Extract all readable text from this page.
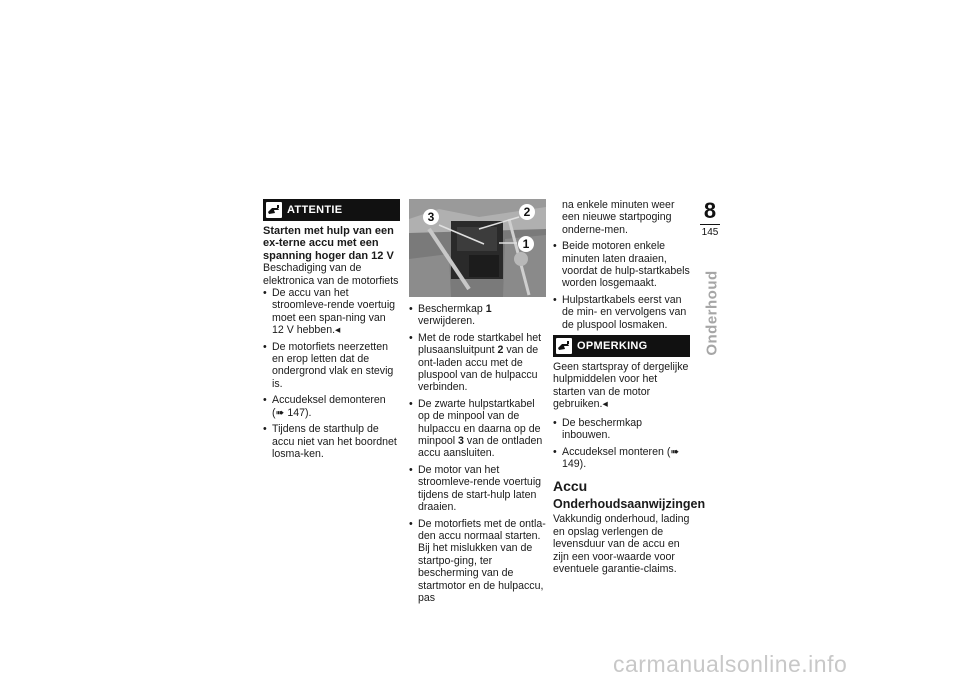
ATTENTIE

Starten met hulp van een ex-terne accu met een spanning hoger dan 12 V

Beschadiging van de elektronica van de motorfiets

• De accu van het stroomleve-rende voertuig moet een span-ning van 12 V hebben.◂
• De motorfiets neerzetten en erop letten dat de ondergrond vlak en stevig is.
• Accudeksel demonteren (➠ 147).
• Tijdens de starthulp de accu niet van het boordnet losma-ken.
3	2
1
• Beschermkap 1 verwijderen.
• Met de rode startkabel het plusaansluitpunt 2 van de ont-laden accu met de pluspool van de hulpaccu verbinden.
• De zwarte hulpstartkabel op de minpool van de hulpaccu en daarna op de minpool 3 van de ontladen accu aansluiten.
• De motor van het stroomleve-rende voertuig tijdens de start-hulp laten draaien.
• De motorfiets met de ontla-den accu normaal starten. Bij het mislukken van de startpo-ging, ter bescherming van de startmotor en de hulpaccu, pas
na enkele minuten weer een nieuwe startpoging onderne-men.
• Beide motoren enkele minuten laten draaien, voordat de hulp-startkabels worden losgemaakt.
• Hulpstartkabels eerst van de min- en vervolgens van de pluspool losmaken.
OPMERKING

Geen startspray of dergelijke hulpmiddelen voor het starten van de motor gebruiken.◂

• De beschermkap inbouwen.
• Accudeksel monteren (➠ 149).

Accu

Onderhoudsaanwijzingen

Vakkundig onderhoud, lading en opslag verlengen de levensduur van de accu en zijn een voor-waarde voor eventuele garantie-claims.

8
145
Onderhoud
carmanualsonline.info
